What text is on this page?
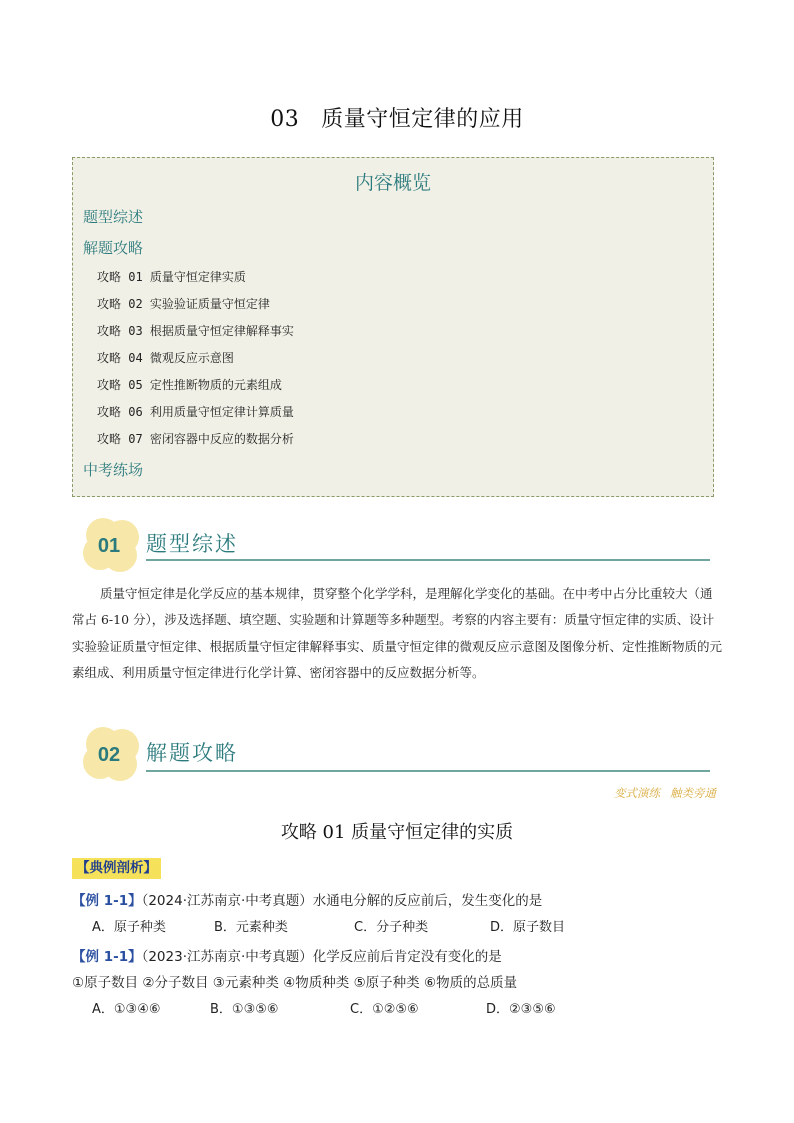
03 质量守恒定律的应用
内容概览
题型综述
解题攻略
攻略 01 质量守恒定律实质
攻略 02 实验验证质量守恒定律
攻略 03 根据质量守恒定律解释事实
攻略 04 微观反应示意图
攻略 05 定性推断物质的元素组成
攻略 06 利用质量守恒定律计算质量
攻略 07 密闭容器中反应的数据分析
中考练场
01 题型综述
质量守恒定律是化学反应的基本规律，贯穿整个化学学科，是理解化学变化的基础。在中考中占分比重较大（通常占 6-10 分），涉及选择题、填空题、实验题和计算题等多种题型。考察的内容主要有：质量守恒定律的实质、设计实验验证质量守恒定律、根据质量守恒定律解释事实、质量守恒定律的微观反应示意图及图像分析、定性推断物质的元素组成、利用质量守恒定律进行化学计算、密闭容器中的反应数据分析等。
02 解题攻略
变式演练 触类旁通
攻略 01 质量守恒定律的实质
【典例剖析】
【例 1-1】（2024·江苏南京·中考真题）水通电分解的反应前后，发生变化的是
A．原子种类	B．元素种类	C．分子种类	D．原子数目
【例 1-1】（2023·江苏南京·中考真题）化学反应前后肯定没有变化的是
①原子数目 ②分子数目 ③元素种类 ④物质种类 ⑤原子种类 ⑥物质的总质量
A．①③④⑥	B．①③⑤⑥	C．①②⑤⑥	D．②③⑤⑥
